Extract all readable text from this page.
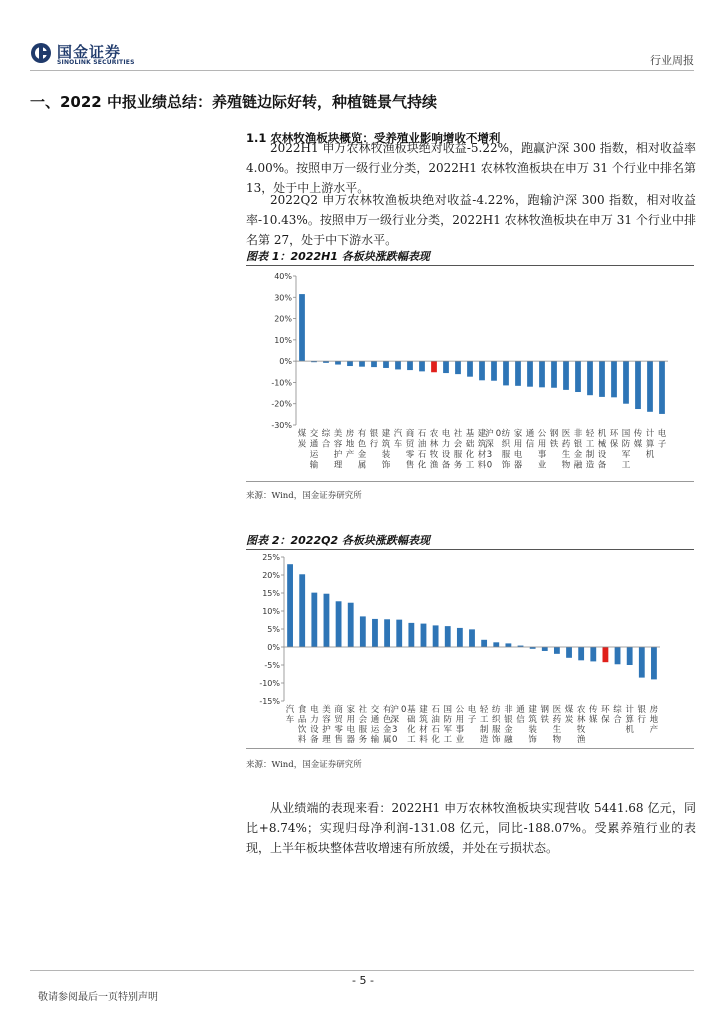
国金证券
SINOLINK SECURITIES	行业周报
一、2022 中报业绩总结：养殖链边际好转，种植链景气持续
1.1 农林牧渔板块概览：受养殖业影响增收不增利
2022H1 申万农林牧渔板块绝对收益-5.22%，跑赢沪深 300 指数，相对收益率 4.00%。按照申万一级行业分类，2022H1 农林牧渔板块在申万 31 个行业中排名第 13，处于中上游水平。
2022Q2 申万农林牧渔板块绝对收益-4.22%，跑输沪深 300 指数，相对收益率-10.43%。按照申万一级行业分类，2022H1 农林牧渔板块在申万 31 个行业中排名第 27，处于中下游水平。
图表 1：2022H1 各板块涨跌幅表现
40%
30%
20%
10%
0%
-10%
-20%
-30%
煤炭
交通运输
综合
美容护理
房地产
有色金属
银行
建筑装饰
汽车
商贸零售
石油石化
农林牧渔
电力设备
社会服务
基础化工
建筑材料
沪深 3 00 纺织服饰
家用电器
通信
公用事业
钢铁
医药生物
非银金融
轻工制造
机械设备
环保
国防军工
传媒
计算机
电子
来源：Wind，国金证券研究所
图表 2：2022Q2 各板块涨跌幅表现
25%
20%
15%
10%
5%
0%
-5%
-10%
-15%
汽车
食品饮料
电力设备
美容护理
商贸零售
家用电器
社会服务
交通运输
有色金属
沪深 3 00 基础化工
建筑材料
石油石化
国防军工
公用事业
电子
轻工制造
纺织服饰
非银金融
通信
建筑装饰
钢铁
医药生物
煤炭
农林牧渔
传媒
环保
综合
计算机
银行
房地产
来源：Wind，国金证券研究所
从业绩端的表现来看：2022H1 申万农林牧渔板块实现营收 5441.68 亿元，同比+8.74%；实现归母净利润-131.08 亿元，同比-188.07%。受累养殖行业的表现，上半年板块整体营收增速有所放缓，并处在亏损状态。
- 5 -
敬请参阅最后一页特别声明
